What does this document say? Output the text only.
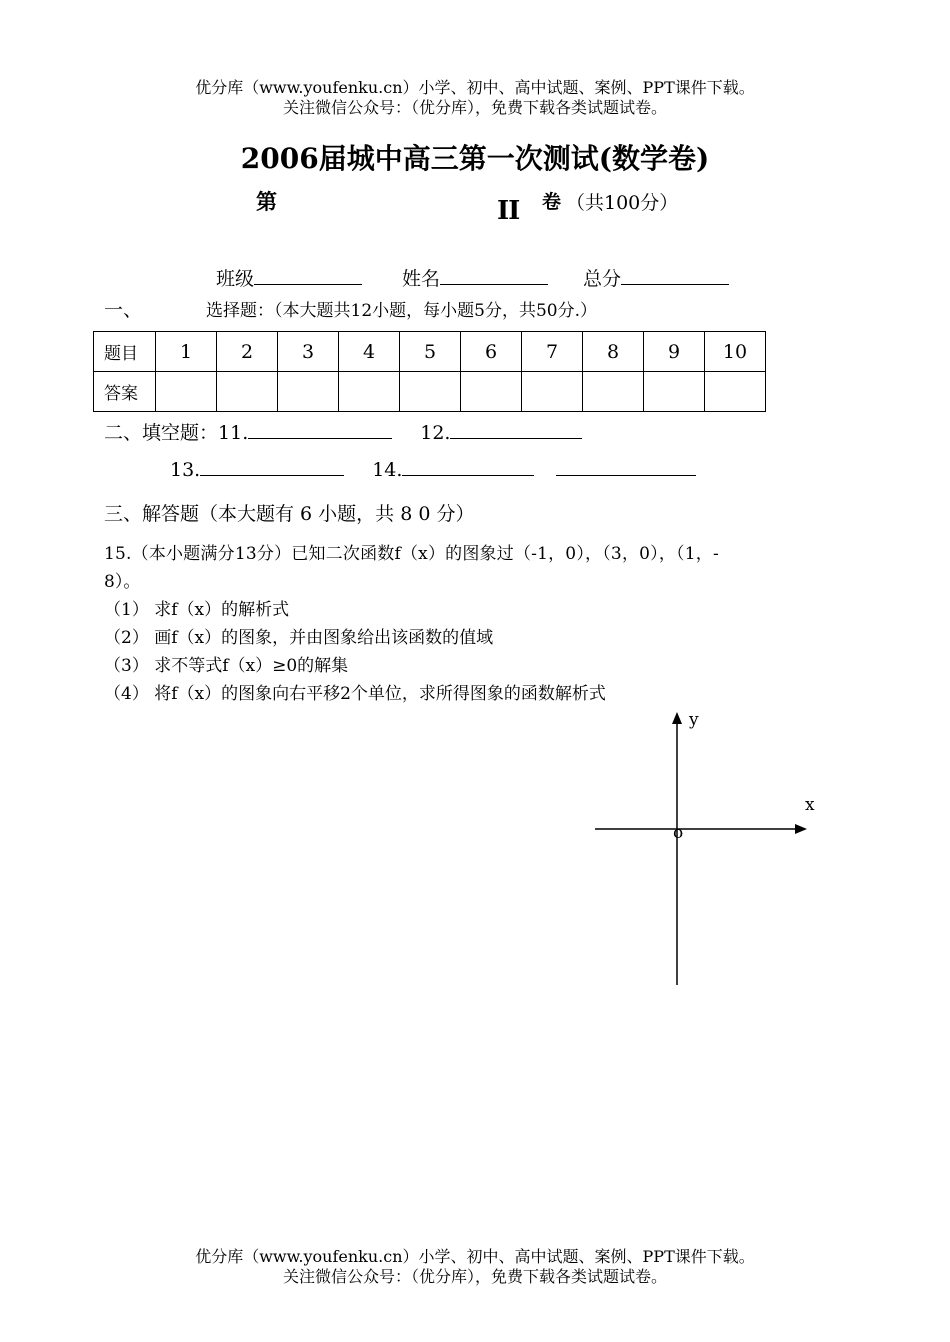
优分库（www.youfenku.cn）小学、初中、高中试题、案例、PPT课件下载。
关注微信公众号：（优分库），免费下载各类试题试卷。
2006届城中高三第一次测试(数学卷)
第	II 卷 （共100分）
班级	姓名	总分
一、	选择题：（本大题共12小题，每小题5分，共50分.）
题目	1	2	3	4	5	6	7	8	9	10
答案										
二、填空题：11.	12.
13.	14.
三、解答题（本大题有 6 小题，共 8 0 分）
15.（本小题满分13分）已知二次函数f（x）的图象过（-1，0），（3，0），（1，-
8）。
（1） 求f（x）的解析式
（2） 画f（x）的图象，并由图象给出该函数的值域
（3） 求不等式f（x）≥0的解集
（4） 将f（x）的图象向右平移2个单位，求所得图象的函数解析式
y
x
o
优分库（www.youfenku.cn）小学、初中、高中试题、案例、PPT课件下载。
关注微信公众号：（优分库），免费下载各类试题试卷。
